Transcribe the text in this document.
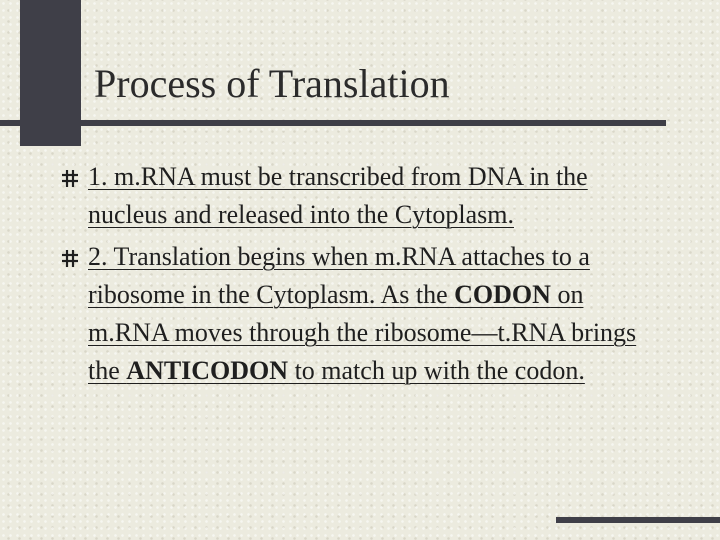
Process of Translation
1. m.RNA must be transcribed from DNA in the nucleus and released into the Cytoplasm.
2. Translation begins when m.RNA attaches to a ribosome in the Cytoplasm. As the CODON on m.RNA moves through the ribosome—t.RNA brings the ANTICODON to match up with the codon.
